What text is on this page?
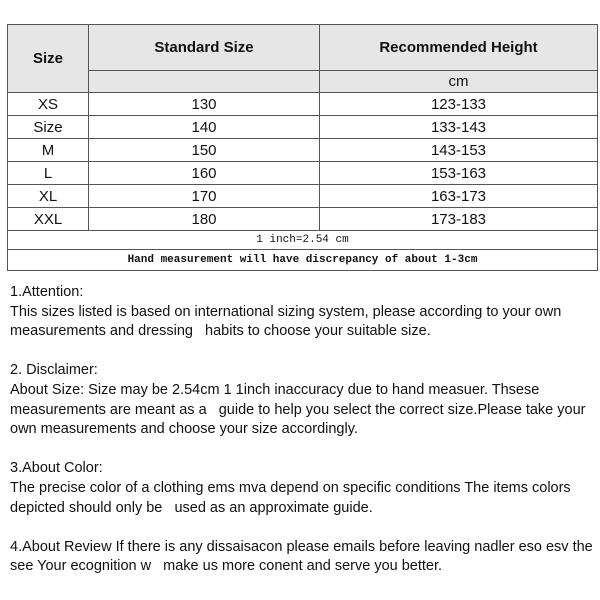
Size	Standard Size	Recommended Height
		cm
XS	130	123-133
Size	140	133-143
M	150	143-153
L	160	153-163
XL	170	163-173
XXL	180	173-183
1 inch=2.54 cm		
Hand measurement will have discrepancy of about 1-3cm		

1.Attention:
This sizes listed is based on international sizing system, please according to your own measurements and dressing   habits to choose your suitable size.

2. Disclaimer:
About Size: Size may be 2.54cm 1 1inch inaccuracy due to hand measuer. Thsese measurements are meant as a   guide to help you select the correct size.Please take your own measurements and choose your size accordingly.

3.About Color:
The precise color of a clothing ems mva depend on specific conditions The items colors depicted should only be   used as an approximate guide.

4.About Review If there is any dissaisacon please emails before leaving nadler eso esv the see Your ecognition w   make us more conent and serve you better.
